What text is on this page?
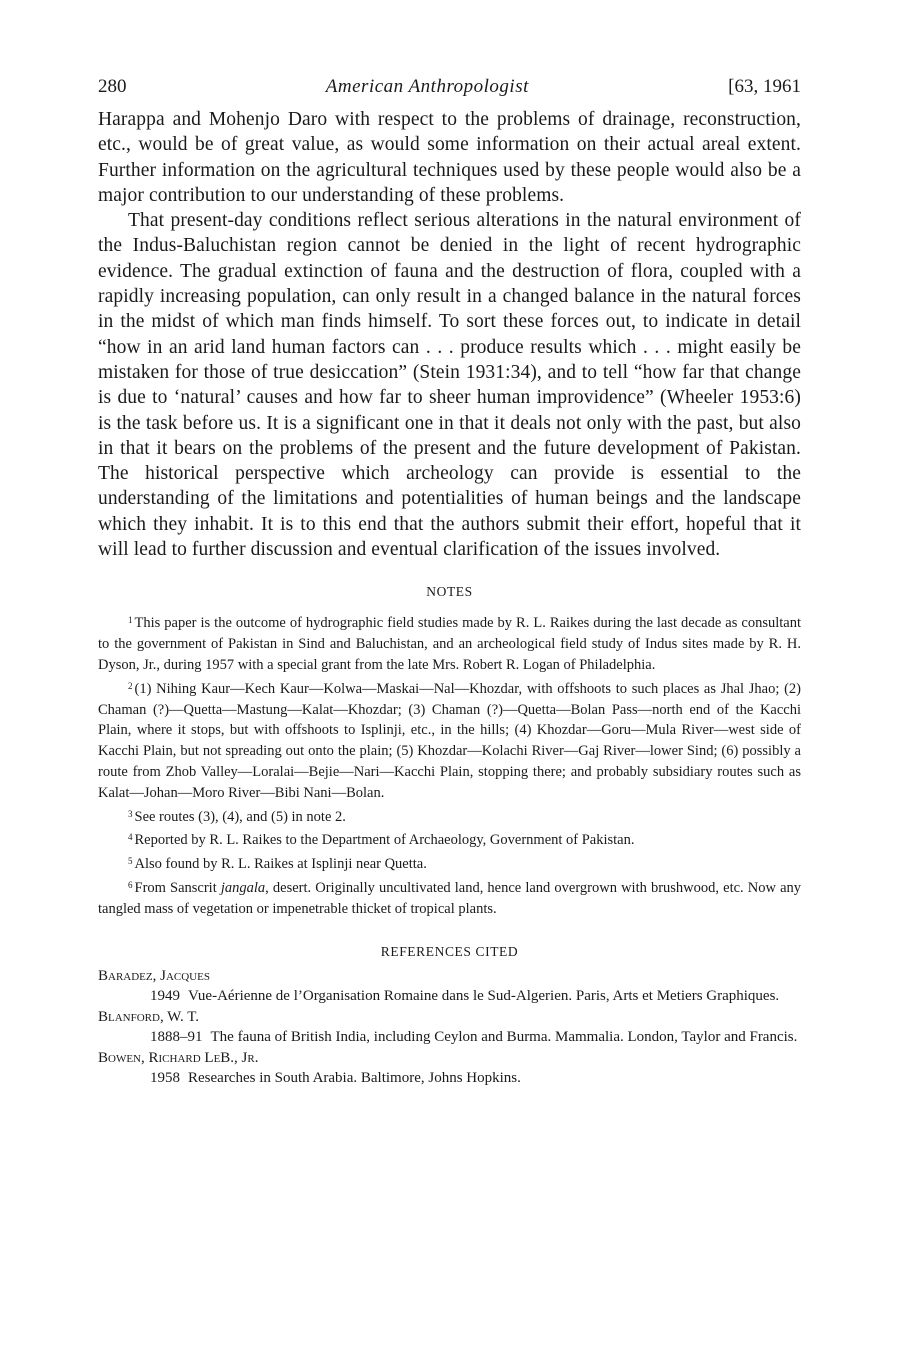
280	American Anthropologist	[63, 1961

Harappa and Mohenjo Daro with respect to the problems of drainage, reconstruction, etc., would be of great value, as would some information on their actual areal extent. Further information on the agricultural techniques used by these people would also be a major contribution to our understanding of these problems.

That present-day conditions reflect serious alterations in the natural environment of the Indus-Baluchistan region cannot be denied in the light of recent hydrographic evidence. The gradual extinction of fauna and the destruction of flora, coupled with a rapidly increasing population, can only result in a changed balance in the natural forces in the midst of which man finds himself. To sort these forces out, to indicate in detail “how in an arid land human factors can . . . produce results which . . . might easily be mistaken for those of true desiccation” (Stein 1931:34), and to tell “how far that change is due to ‘natural’ causes and how far to sheer human improvidence” (Wheeler 1953:6) is the task before us. It is a significant one in that it deals not only with the past, but also in that it bears on the problems of the present and the future development of Pakistan. The historical perspective which archeology can provide is essential to the understanding of the limitations and potentialities of human beings and the landscape which they inhabit. It is to this end that the authors submit their effort, hopeful that it will lead to further discussion and eventual clarification of the issues involved.

NOTES

$^1$ This paper is the outcome of hydrographic field studies made by R. L. Raikes during the last decade as consultant to the government of Pakistan in Sind and Baluchistan, and an archeological field study of Indus sites made by R. H. Dyson, Jr., during 1957 with a special grant from the late Mrs. Robert R. Logan of Philadelphia.

$^2$ (1) Nihing Kaur—Kech Kaur—Kolwa—Maskai—Nal—Khozdar, with offshoots to such places as Jhal Jhao; (2) Chaman (?)—Quetta—Mastung—Kalat—Khozdar; (3) Chaman (?)—Quetta—Bolan Pass—north end of the Kacchi Plain, where it stops, but with offshoots to Isplinji, etc., in the hills; (4) Khozdar—Goru—Mula River—west side of Kacchi Plain, but not spreading out onto the plain; (5) Khozdar—Kolachi River—Gaj River—lower Sind; (6) possibly a route from Zhob Valley—Loralai—Bejie—Nari—Kacchi Plain, stopping there; and probably subsidiary routes such as Kalat—Johan—Moro River—Bibi Nani—Bolan.

$^3$ See routes (3), (4), and (5) in note 2.

$^4$ Reported by R. L. Raikes to the Department of Archaeology, Government of Pakistan.

$^5$ Also found by R. L. Raikes at Isplinji near Quetta.

$^6$ From Sanscrit jangala, desert. Originally uncultivated land, hence land overgrown with brushwood, etc. Now any tangled mass of vegetation or impenetrable thicket of tropical plants.

REFERENCES CITED
Baradez, Jacques
1949 Vue-Aérienne de l’Organisation Romaine dans le Sud-Algerien. Paris, Arts et Metiers Graphiques.
Blanford, W. T.
1888–91 The fauna of British India, including Ceylon and Burma. Mammalia. London, Taylor and Francis.
Bowen, Richard LeB., Jr.
1958 Researches in South Arabia. Baltimore, Johns Hopkins.
